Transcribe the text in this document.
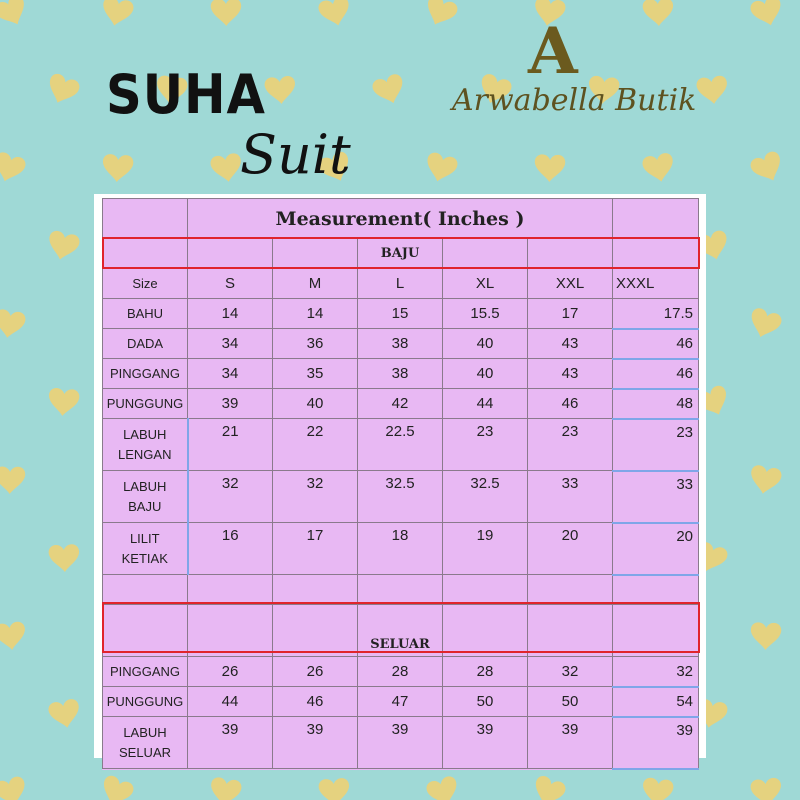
SUHA
Suit
A
Arwabella Butik
	Measurement( Inches )					
			BAJU			
Size	S	M	L	XL	XXL	XXXL

BAHU	14	14	15	15.5	17	17.5

DADA	34	36	38	40	43	46

PINGGANG	34	35	38	40	43	46

PUNGGUNG	39	40	42	44	46	48

LABUH
LENGAN	21	22	22.5	23	23	23

LABUH
BAJU	32	32	32.5	32.5	33	33

LILIT
KETIAK	16	17	18	19	20	20

			SELUAR			

PINGGANG	26	26	28	28	32	32

PUNGGUNG	44	46	47	50	50	54

LABUH
SELUAR	39	39	39	39	39	39
